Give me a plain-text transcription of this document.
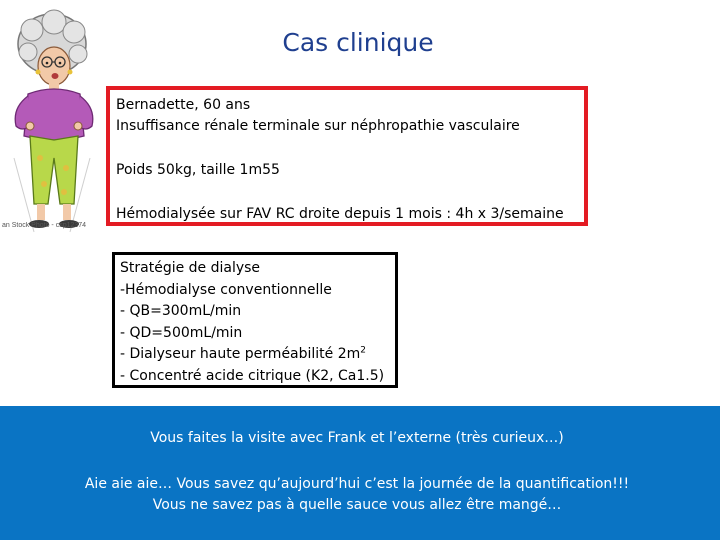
Cas clinique
an Stock Photo - csp12374
Bernadette, 60 ans
Insuffisance rénale terminale sur néphropathie vasculaire
Poids 50kg, taille 1m55
Hémodialysée sur FAV RC droite depuis 1 mois : 4h x 3/semaine
Stratégie de dialyse
-Hémodialyse conventionnelle
- QB=300mL/min
- QD=500mL/min
- Dialyseur haute perméabilité $2m^2$
- Concentré acide citrique (K2, Ca1.5)
Vous faites la visite avec Frank et l’externe (très curieux…)
Aie aie aie… Vous savez qu’aujourd’hui c’est la journée de la quantification!!!
Vous ne savez pas à quelle sauce vous allez être mangé…
